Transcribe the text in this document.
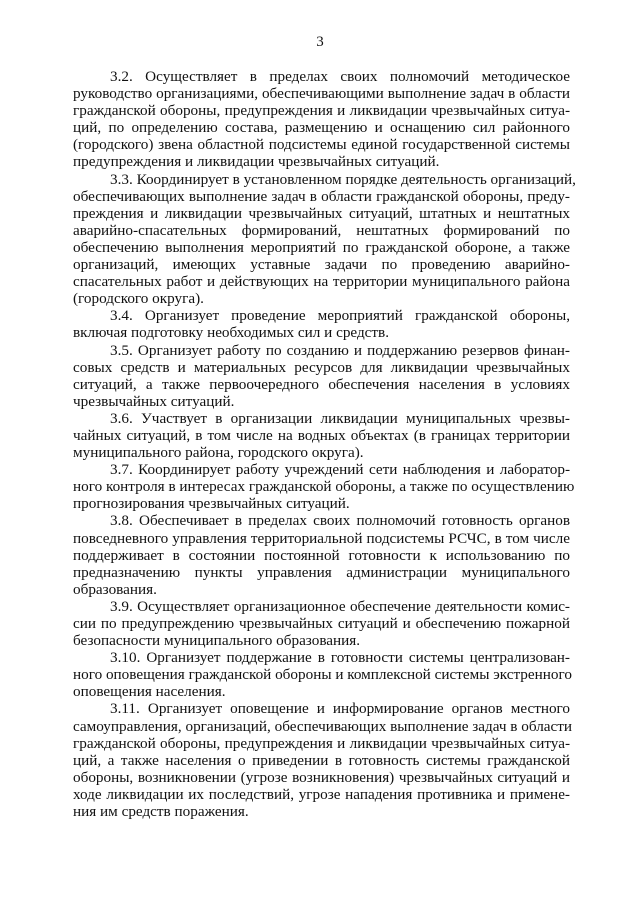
3
3.2. Осуществляет в пределах своих полномочий методическое
руководство организациями, обеспечивающими выполнение задач в области
гражданской обороны, предупреждения и ликвидации чрезвычайных ситуа-
ций, по определению состава, размещению и оснащению сил районного
(городского) звена областной подсистемы единой государственной системы
предупреждения и ликвидации чрезвычайных ситуаций.
3.3. Координирует в установленном порядке деятельность организаций,
обеспечивающих выполнение задач в области гражданской обороны, преду-
преждения и ликвидации чрезвычайных ситуаций, штатных и нештатных
аварийно-спасательных формирований, нештатных формирований по
обеспечению выполнения мероприятий по гражданской обороне, а также
организаций, имеющих уставные задачи по проведению аварийно-
спасательных работ и действующих на территории муниципального района
(городского округа).
3.4. Организует проведение мероприятий гражданской обороны,
включая подготовку необходимых сил и средств.
3.5. Организует работу по созданию и поддержанию резервов финан-
совых средств и материальных ресурсов для ликвидации чрезвычайных
ситуаций, а также первоочередного обеспечения населения в условиях
чрезвычайных ситуаций.
3.6. Участвует в организации ликвидации муниципальных чрезвы-
чайных ситуаций, в том числе на водных объектах (в границах территории
муниципального района, городского округа).
3.7. Координирует работу учреждений сети наблюдения и лаборатор-
ного контроля в интересах гражданской обороны, а также по осуществлению
прогнозирования чрезвычайных ситуаций.
3.8. Обеспечивает в пределах своих полномочий готовность органов
повседневного управления территориальной подсистемы РСЧС, в том числе
поддерживает в состоянии постоянной готовности к использованию по
предназначению пункты управления администрации муниципального
образования.
3.9. Осуществляет организационное обеспечение деятельности комис-
сии по предупреждению чрезвычайных ситуаций и обеспечению пожарной
безопасности муниципального образования.
3.10. Организует поддержание в готовности системы централизован-
ного оповещения гражданской обороны и комплексной системы экстренного
оповещения населения.
3.11. Организует оповещение и информирование органов местного
самоуправления, организаций, обеспечивающих выполнение задач в области
гражданской обороны, предупреждения и ликвидации чрезвычайных ситуа-
ций, а также населения о приведении в готовность системы гражданской
обороны, возникновении (угрозе возникновения) чрезвычайных ситуаций и
ходе ликвидации их последствий, угрозе нападения противника и примене-
ния им средств поражения.
